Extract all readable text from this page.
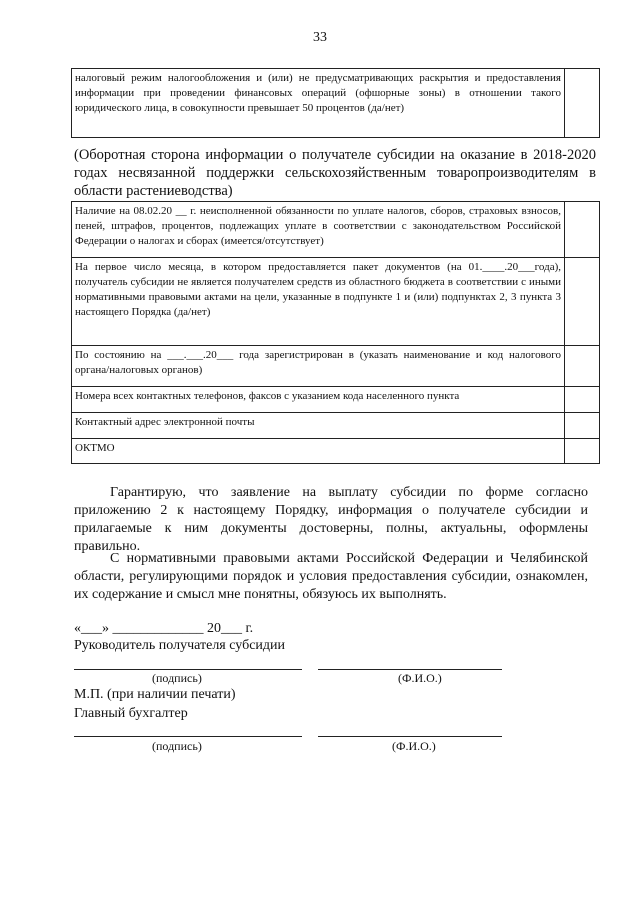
33
налоговый режим налогообложения и (или) не предусматривающих раскрытия и предоставления информации при проведении финансовых операций (офшорные зоны) в отношении такого юридического лица, в совокупности превышает 50 процентов (да/нет)	
(Оборотная сторона информации о получателе субсидии на оказание в 2018-2020 годах несвязанной поддержки сельскохозяйственным товаропроизводителям в области растениеводства)
Наличие на 08.02.20 __ г. неисполненной обязанности по уплате налогов, сборов, страховых взносов, пеней, штрафов, процентов, подлежащих уплате в соответствии с законодательством Российской Федерации о налогах и сборах (имеется/отсутствует)	
На первое число месяца, в котором предоставляется пакет документов (на 01.____.20___года), получатель субсидии не является получателем средств из областного бюджета в соответствии с иными нормативными правовыми актами на цели, указанные в подпункте 1 и (или) подпунктах 2, 3 пункта 3 настоящего Порядка (да/нет)	
По состоянию на ___.___.20___ года зарегистрирован в (указать наименование и код налогового органа/налоговых органов)	
Номера всех контактных телефонов, факсов с указанием кода населенного пункта	
Контактный адрес электронной почты	
ОКТМО	
Гарантирую, что заявление на выплату субсидии по форме согласно приложению 2 к настоящему Порядку, информация о получателе субсидии и прилагаемые к ним документы достоверны, полны, актуальны, оформлены правильно.
С нормативными правовыми актами Российской Федерации и Челябинской области, регулирующими порядок и условия предоставления субсидии, ознакомлен, их содержание и смысл мне понятны, обязуюсь их выполнять.
«___» _____________ 20___ г.
Руководитель получателя субсидии
(подпись)	(Ф.И.О.)
М.П. (при наличии печати)
Главный бухгалтер
(подпись)	(Ф.И.О.)
